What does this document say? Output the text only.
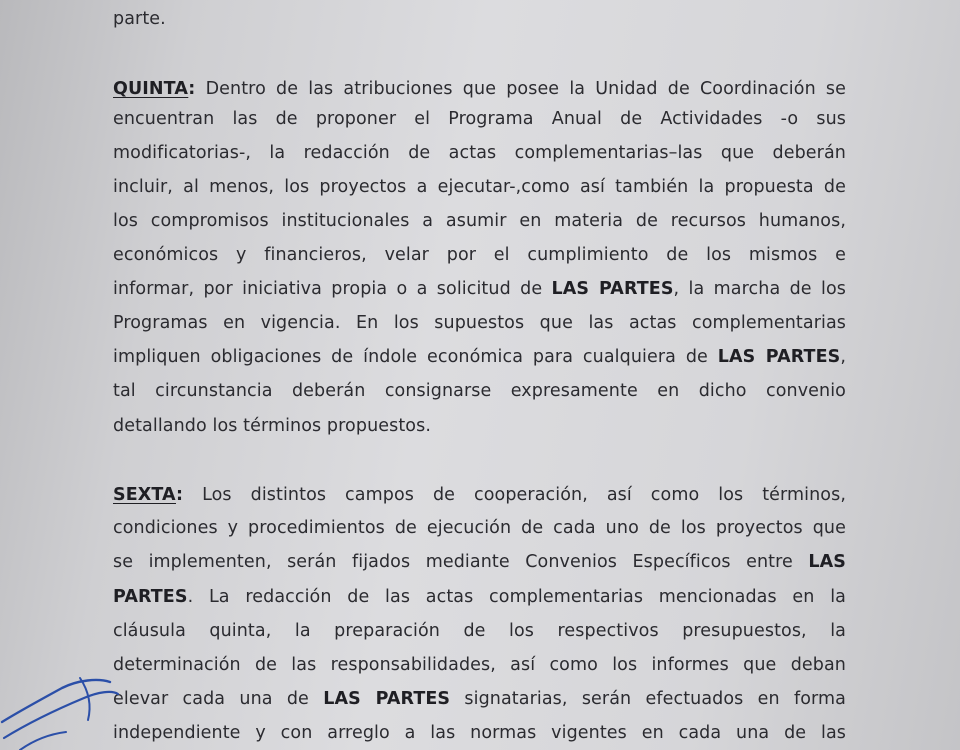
parte.
QUINTA: Dentro de las atribuciones que posee la Unidad de Coordinación se
encuentran las de proponer el Programa Anual de Actividades -o sus
modificatorias-, la redacción de actas complementarias–las que deberán
incluir, al menos, los proyectos a ejecutar-,como así también la propuesta de
los compromisos institucionales a asumir en materia de recursos humanos,
económicos y financieros, velar por el cumplimiento de los mismos e
informar, por iniciativa propia o a solicitud de LAS PARTES, la marcha de los
Programas en vigencia. En los supuestos que las actas complementarias
impliquen obligaciones de índole económica para cualquiera de LAS PARTES,
tal circunstancia deberán consignarse expresamente en dicho convenio
detallando los términos propuestos.
SEXTA: Los distintos campos de cooperación, así como los términos,
condiciones y procedimientos de ejecución de cada uno de los proyectos que
se implementen, serán fijados mediante Convenios Específicos entre LAS
PARTES. La redacción de las actas complementarias mencionadas en la
cláusula quinta, la preparación de los respectivos presupuestos, la
determinación de las responsabilidades, así como los informes que deban
elevar cada una de LAS PARTES signatarias, serán efectuados en forma
independiente y con arreglo a las normas vigentes en cada una de las
